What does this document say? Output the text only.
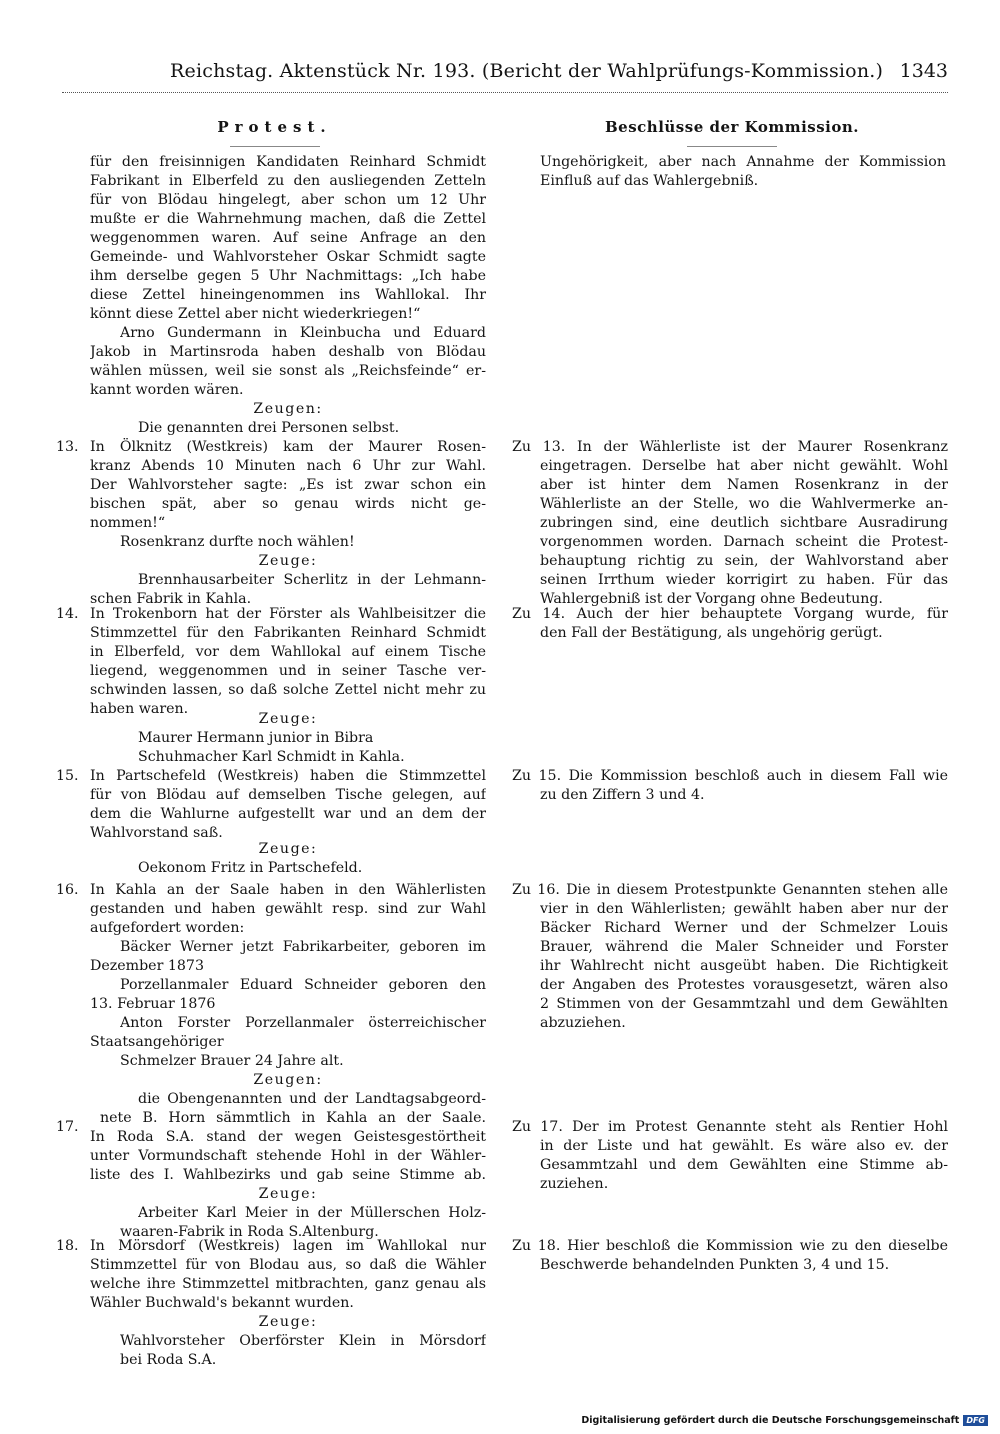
Reichstag. Aktenstück Nr. 193. (Bericht der Wahlprüfungs-Kommission.) 1343
Protest.	Beschlüsse der Kommission.
für den freisinnigen Kandidaten Reinhard Schmidt
Fabrikant in Elberfeld zu den ausliegenden Zetteln
für von Blödau hingelegt, aber schon um 12 Uhr
mußte er die Wahrnehmung machen, daß die Zettel
weggenommen waren. Auf seine Anfrage an den
Gemeinde- und Wahlvorsteher Oskar Schmidt sagte
ihm derselbe gegen 5 Uhr Nachmittags: „Ich habe
diese Zettel hineingenommen ins Wahllokal. Ihr
könnt diese Zettel aber nicht wiederkriegen!“
Arno Gundermann in Kleinbucha und Eduard
Jakob in Martinsroda haben deshalb von Blödau
wählen müssen, weil sie sonst als „Reichsfeinde“ er-
kannt worden wären.
Zeugen:
Die genannten drei Personen selbst.
In Ölknitz (Westkreis) kam der Maurer Rosen-
kranz Abends 10 Minuten nach 6 Uhr zur Wahl.
Der Wahlvorsteher sagte: „Es ist zwar schon ein
bischen spät, aber so genau wirds nicht ge-
nommen!“
Rosenkranz durfte noch wählen!
Zeuge:
Brennhausarbeiter Scherlitz in der Lehmann-
schen Fabrik in Kahla.
In Trokenborn hat der Förster als Wahlbeisitzer die
Stimmzettel für den Fabrikanten Reinhard Schmidt
in Elberfeld, vor dem Wahllokal auf einem Tische
liegend, weggenommen und in seiner Tasche ver-
schwinden lassen, so daß solche Zettel nicht mehr zu
haben waren.
Zeuge:
Maurer Hermann junior in Bibra
Schuhmacher Karl Schmidt in Kahla.
In Partschefeld (Westkreis) haben die Stimmzettel
für von Blödau auf demselben Tische gelegen, auf
dem die Wahlurne aufgestellt war und an dem der
Wahlvorstand saß.
Zeuge:
Oekonom Fritz in Partschefeld.
In Kahla an der Saale haben in den Wählerlisten
gestanden und haben gewählt resp. sind zur Wahl
aufgefordert worden:
Bäcker Werner jetzt Fabrikarbeiter, geboren im
Dezember 1873
Porzellanmaler Eduard Schneider geboren den
13. Februar 1876
Anton Forster Porzellanmaler österreichischer
Staatsangehöriger
Schmelzer Brauer 24 Jahre alt.
Zeugen:
die Obengenannten und der Landtagsabgeord-
nete B. Horn sämmtlich in Kahla an der Saale.
In Roda S.A. stand der wegen Geistesgestörtheit
unter Vormundschaft stehende Hohl in der Wähler-
liste des I. Wahlbezirks und gab seine Stimme ab.
Zeuge:
Arbeiter Karl Meier in der Müllerschen Holz-
waaren-Fabrik in Roda S.Altenburg.
In Mörsdorf (Westkreis) lagen im Wahllokal nur
Stimmzettel für von Blodau aus, so daß die Wähler
welche ihre Stimmzettel mitbrachten, ganz genau als
Wähler Buchwald's bekannt wurden.
Zeuge:
Wahlvorsteher Oberförster Klein in Mörsdorf
bei Roda S.A.
13.
14.
15.
16.
17.
18.
Ungehörigkeit, aber nach Annahme der Kommission
Einfluß auf das Wahlergebniß.
Zu 13. In der Wählerliste ist der Maurer Rosenkranz
eingetragen. Derselbe hat aber nicht gewählt. Wohl
aber ist hinter dem Namen Rosenkranz in der
Wählerliste an der Stelle, wo die Wahlvermerke an-
zubringen sind, eine deutlich sichtbare Ausradirung
vorgenommen worden. Darnach scheint die Protest-
behauptung richtig zu sein, der Wahlvorstand aber
seinen Irrthum wieder korrigirt zu haben. Für das
Wahlergebniß ist der Vorgang ohne Bedeutung.
Zu 14. Auch der hier behauptete Vorgang wurde, für
den Fall der Bestätigung, als ungehörig gerügt.
Zu 15. Die Kommission beschloß auch in diesem Fall wie
zu den Ziffern 3 und 4.
Zu 16. Die in diesem Protestpunkte Genannten stehen alle
vier in den Wählerlisten; gewählt haben aber nur der
Bäcker Richard Werner und der Schmelzer Louis
Brauer, während die Maler Schneider und Forster
ihr Wahlrecht nicht ausgeübt haben. Die Richtigkeit
der Angaben des Protestes vorausgesetzt, wären also
2 Stimmen von der Gesammtzahl und dem Gewählten
abzuziehen.
Zu 17. Der im Protest Genannte steht als Rentier Hohl
in der Liste und hat gewählt. Es wäre also ev. der
Gesammtzahl und dem Gewählten eine Stimme ab-
zuziehen.
Zu 18. Hier beschloß die Kommission wie zu den dieselbe
Beschwerde behandelnden Punkten 3, 4 und 15.
Digitalisierung gefördert durch die Deutsche Forschungsgemeinschaft DFG
